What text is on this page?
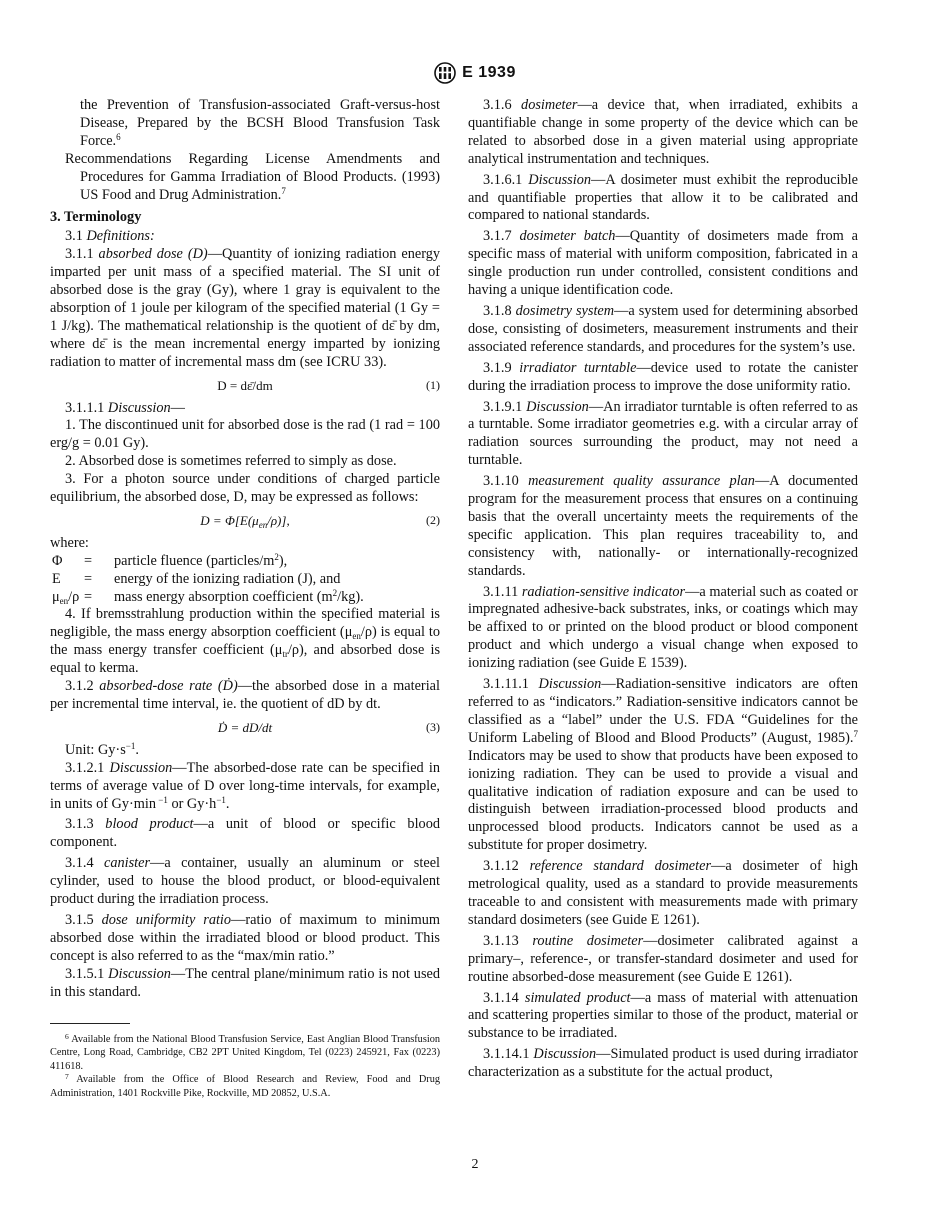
E 1939

the Prevention of Transfusion-associated Graft-versus-host Disease, Prepared by the BCSH Blood Transfusion Task Force.$^6$

Recommendations Regarding License Amendments and Procedures for Gamma Irradiation of Blood Products. (1993) US Food and Drug Administration.$^7$

3. Terminology

3.1 Definitions:

3.1.1 absorbed dose (D)—Quantity of ionizing radiation energy imparted per unit mass of a specified material. The SI unit of absorbed dose is the gray (Gy), where 1 gray is equivalent to the absorption of 1 joule per kilogram of the specified material (1 Gy = 1 J/kg). The mathematical relationship is the quotient of dε̄ by dm, where dε̄ is the mean incremental energy imparted by ionizing radiation to matter of incremental mass dm (see ICRU 33).

D = dε̄/dm	(1)

3.1.1.1 Discussion—

1. The discontinued unit for absorbed dose is the rad (1 rad = 100 erg/g = 0.01 Gy).

2. Absorbed dose is sometimes referred to simply as dose.

3. For a photon source under conditions of charged particle equilibrium, the absorbed dose, D, may be expressed as follows:

$D = \Phi[E(\mu_{en}/\rho)]$,	(2)

where:

Φ	=	particle fluence $(particles/m^2)$,
E	=	energy of the ionizing radiation (J), and
$\mu_{en}/\rho$	=	mass energy absorption coefficient $(m^2/kg)$.

4. If bremsstrahlung production within the specified material is negligible, the mass energy absorption coefficient $(\mu_{en}/\rho)$ is equal to the mass energy transfer coefficient $(\mu_{tr}/\rho)$, and absorbed dose is equal to kerma.

3.1.2 absorbed-dose rate (Ḋ)—the absorbed dose in a material per incremental time interval, ie. the quotient of dD by dt.

Ḋ = dD/dt	(3)

Unit: $Gy\cdot s^{-1}$.

3.1.2.1 Discussion—The absorbed-dose rate can be specified in terms of average value of D over long-time intervals, for example, in units of Gy·min $^{-1}$ or $Gy\cdot h^{-1}$.

3.1.3 blood product—a unit of blood or specific blood component.

3.1.4 canister—a container, usually an aluminum or steel cylinder, used to house the blood product, or blood-equivalent product during the irradiation process.

3.1.5 dose uniformity ratio—ratio of maximum to minimum absorbed dose within the irradiated blood or blood product. This concept is also referred to as the “max/min ratio.”

3.1.5.1 Discussion—The central plane/minimum ratio is not used in this standard.

$^6$ Available from the National Blood Transfusion Service, East Anglian Blood Transfusion Centre, Long Road, Cambridge, CB2 2PT United Kingdom, Tel (0223) 245921, Fax (0223) 411618.

$^7$ Available from the Office of Blood Research and Review, Food and Drug Administration, 1401 Rockville Pike, Rockville, MD 20852, U.S.A.

3.1.6 dosimeter—a device that, when irradiated, exhibits a quantifiable change in some property of the device which can be related to absorbed dose in a given material using appropriate analytical instrumentation and techniques.

3.1.6.1 Discussion—A dosimeter must exhibit the reproducible and quantifiable properties that allow it to be calibrated and compared to national standards.

3.1.7 dosimeter batch—Quantity of dosimeters made from a specific mass of material with uniform composition, fabricated in a single production run under controlled, consistent conditions and having a unique identification code.

3.1.8 dosimetry system—a system used for determining absorbed dose, consisting of dosimeters, measurement instruments and their associated reference standards, and procedures for the system’s use.

3.1.9 irradiator turntable—device used to rotate the canister during the irradiation process to improve the dose uniformity ratio.

3.1.9.1 Discussion—An irradiator turntable is often referred to as a turntable. Some irradiator geometries e.g. with a circular array of radiation sources surrounding the product, may not need a turntable.

3.1.10 measurement quality assurance plan—A documented program for the measurement process that ensures on a continuing basis that the overall uncertainty meets the requirements of the specific application. This plan requires traceability to, and consistency with, nationally- or internationally-recognized standards.

3.1.11 radiation-sensitive indicator—a material such as coated or impregnated adhesive-back substrates, inks, or coatings which may be affixed to or printed on the blood product or blood component product and which undergo a visual change when exposed to ionizing radiation (see Guide E 1539).

3.1.11.1 Discussion—Radiation-sensitive indicators are often referred to as “indicators.” Radiation-sensitive indicators cannot be classified as a “label” under the U.S. FDA “Guidelines for the Uniform Labeling of Blood and Blood Products” (August, 1985).$^7$ Indicators may be used to show that products have been exposed to ionizing radiation. They can be used to provide a visual and qualitative indication of radiation exposure and can be used to distinguish between irradiation-processed blood products and unprocessed blood products. Indicators cannot be used as a substitute for proper dosimetry.

3.1.12 reference standard dosimeter—a dosimeter of high metrological quality, used as a standard to provide measurements traceable to and consistent with measurements made with primary standard dosimeters (see Guide E 1261).

3.1.13 routine dosimeter—dosimeter calibrated against a primary–, reference-, or transfer-standard dosimeter and used for routine absorbed-dose measurement (see Guide E 1261).

3.1.14 simulated product—a mass of material with attenuation and scattering properties similar to those of the product, material or substance to be irradiated.

3.1.14.1 Discussion—Simulated product is used during irradiator characterization as a substitute for the actual product,

2
